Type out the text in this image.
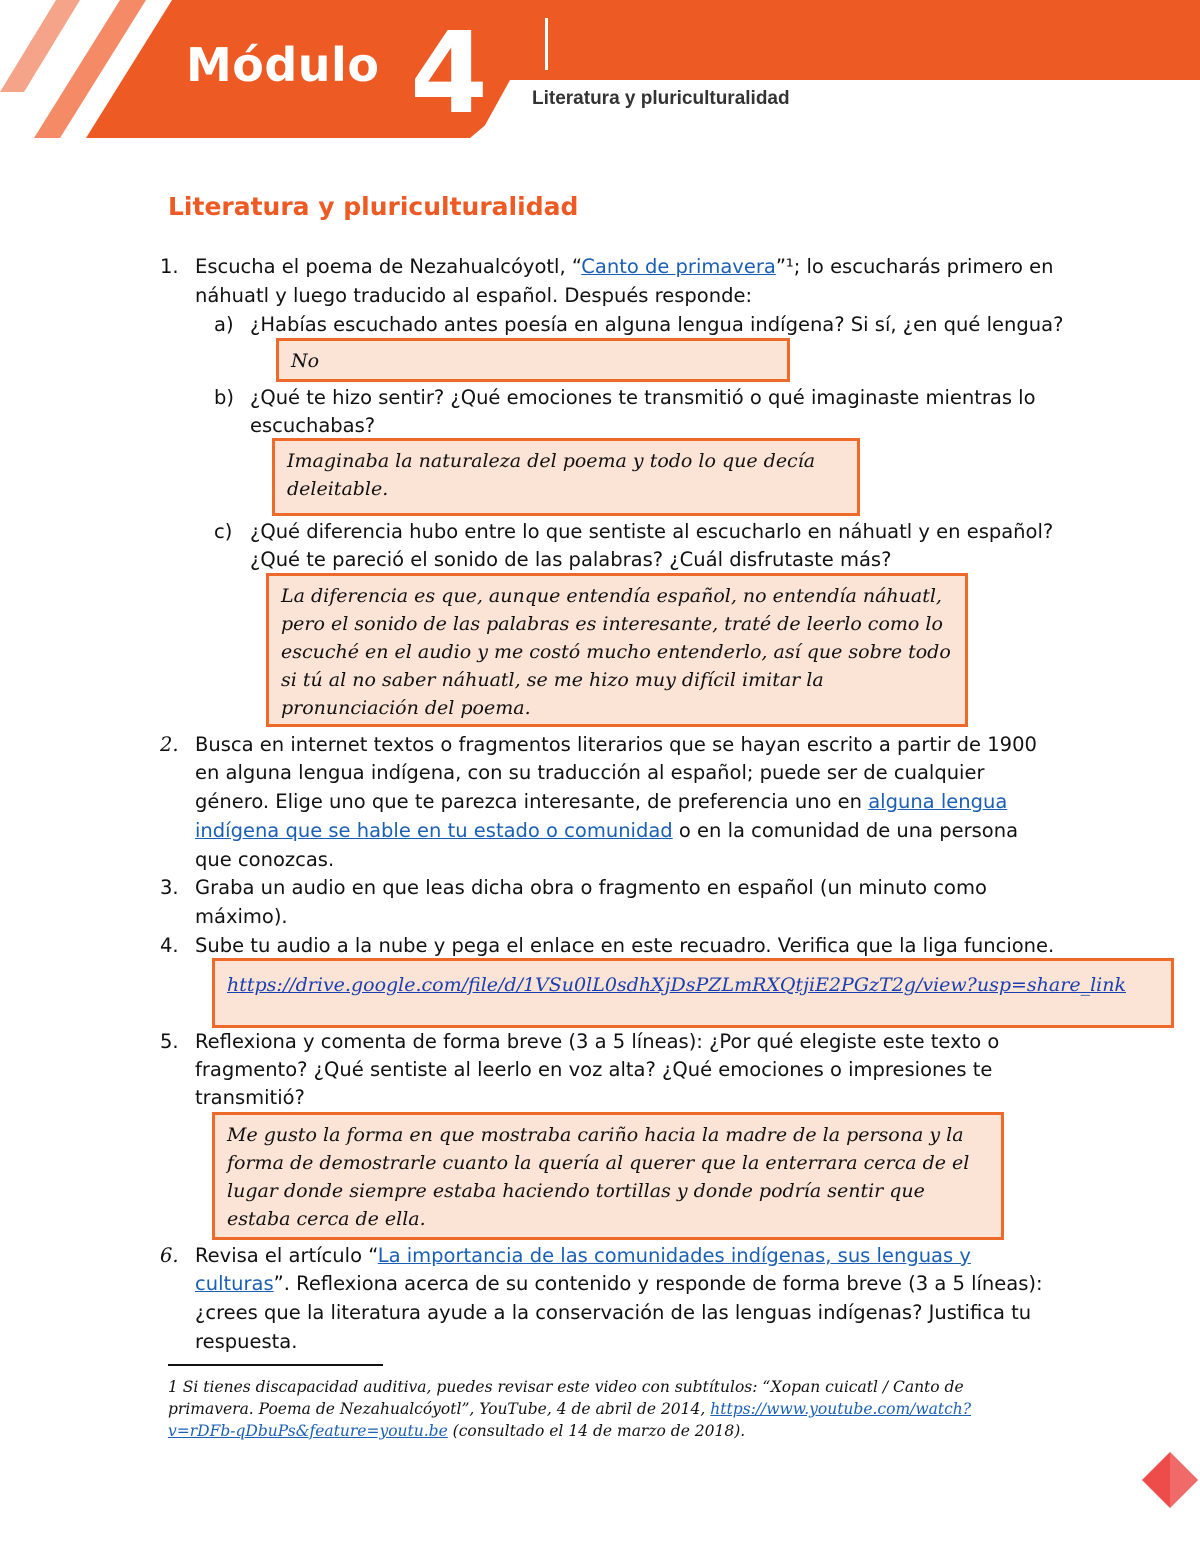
Módulo 4 Literatura y pluriculturalidad
Literatura y pluriculturalidad
1. Escucha el poema de Nezahualcóyotl, “Canto de primavera”¹; lo escucharás primero en
náhuatl y luego traducido al español. Después responde:
a) ¿Habías escuchado antes poesía en alguna lengua indígena? Si sí, ¿en qué lengua?
No
b) ¿Qué te hizo sentir? ¿Qué emociones te transmitió o qué imaginaste mientras lo
escuchabas?
Imaginaba la naturaleza del poema y todo lo que decía deleitable.
c) ¿Qué diferencia hubo entre lo que sentiste al escucharlo en náhuatl y en español?
¿Qué te pareció el sonido de las palabras? ¿Cuál disfrutaste más?
La diferencia es que, aunque entendía español, no entendía náhuatl, pero el sonido de las palabras es interesante, traté de leerlo como lo escuché en el audio y me costó mucho entenderlo, así que sobre todo si tú al no saber náhuatl, se me hizo muy difícil imitar la pronunciación del poema.
2. Busca en internet textos o fragmentos literarios que se hayan escrito a partir de 1900
en alguna lengua indígena, con su traducción al español; puede ser de cualquier
género. Elige uno que te parezca interesante, de preferencia uno en alguna lengua
indígena que se hable en tu estado o comunidad o en la comunidad de una persona
que conozcas.
3. Graba un audio en que leas dicha obra o fragmento en español (un minuto como
máximo).
4. Sube tu audio a la nube y pega el enlace en este recuadro. Verifica que la liga funcione.
https://drive.google.com/file/d/1VSu0lL0sdhXjDsPZLmRXQtjiE2PGzT2g/view?usp=share_link
5. Reflexiona y comenta de forma breve (3 a 5 líneas): ¿Por qué elegiste este texto o
fragmento? ¿Qué sentiste al leerlo en voz alta? ¿Qué emociones o impresiones te
transmitió?
Me gusto la forma en que mostraba cariño hacia la madre de la persona y la forma de demostrarle cuanto la quería al querer que la enterrara cerca de el lugar donde siempre estaba haciendo tortillas y donde podría sentir que estaba cerca de ella.
6. Revisa el artículo “La importancia de las comunidades indígenas, sus lenguas y
culturas”. Reflexiona acerca de su contenido y responde de forma breve (3 a 5 líneas):
¿crees que la literatura ayude a la conservación de las lenguas indígenas? Justifica tu
respuesta.
1 Si tienes discapacidad auditiva, puedes revisar este video con subtítulos: “Xopan cuicatl / Canto de
primavera. Poema de Nezahualcóyotl”, YouTube, 4 de abril de 2014, https://www.youtube.com/watch?
v=rDFb-qDbuPs&feature=youtu.be (consultado el 14 de marzo de 2018).
